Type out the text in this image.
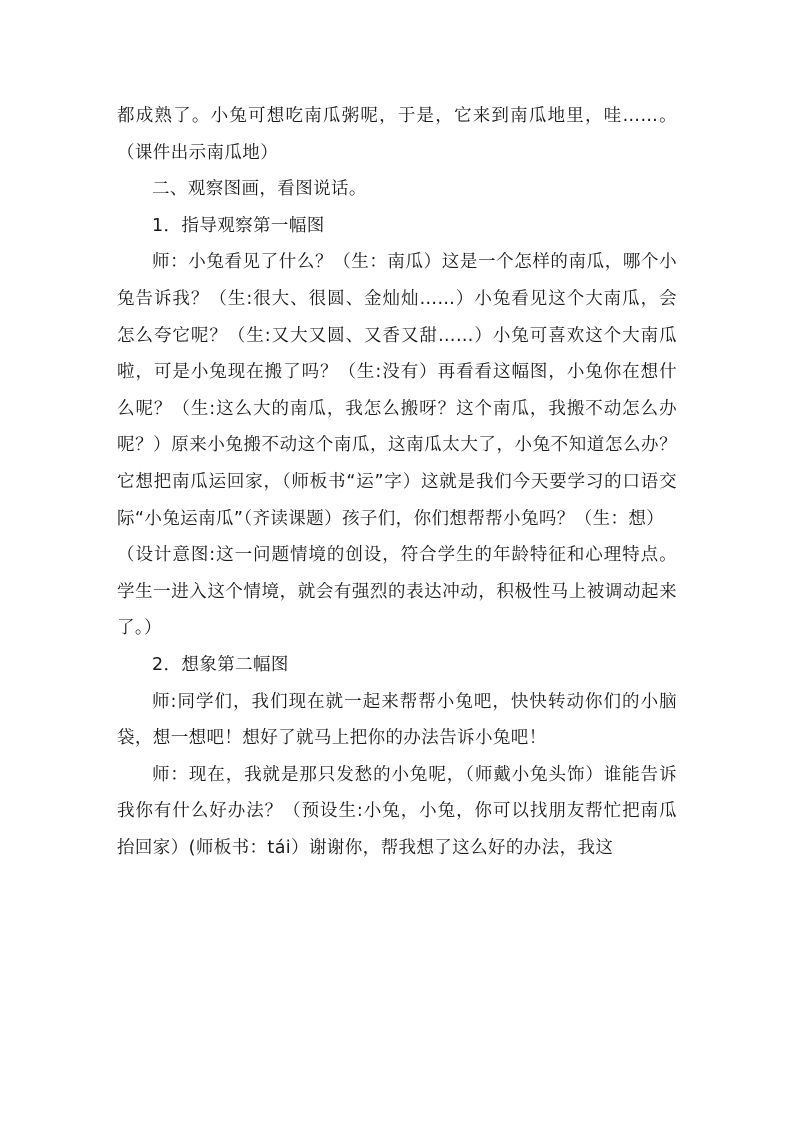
都成熟了。小兔可想吃南瓜粥呢，于是，它来到南瓜地里，哇……。（课件出示南瓜地）

二、观察图画，看图说话。

1．指导观察第一幅图

师：小兔看见了什么？（生：南瓜）这是一个怎样的南瓜，哪个小兔告诉我？（生:很大、很圆、金灿灿……）小兔看见这个大南瓜，会怎么夸它呢？（生:又大又圆、又香又甜……）小兔可喜欢这个大南瓜啦，可是小兔现在搬了吗？（生:没有）再看看这幅图，小兔你在想什么呢？（生:这么大的南瓜，我怎么搬呀？这个南瓜，我搬不动怎么办呢？）原来小兔搬不动这个南瓜，这南瓜太大了，小兔不知道怎么办？它想把南瓜运回家，（师板书“运”字）这就是我们今天要学习的口语交际“小兔运南瓜”（齐读课题）孩子们，你们想帮帮小兔吗？（生：想）

（设计意图:这一问题情境的创设，符合学生的年龄特征和心理特点。学生一进入这个情境，就会有强烈的表达冲动，积极性马上被调动起来了。）

2．想象第二幅图

师:同学们，我们现在就一起来帮帮小兔吧，快快转动你们的小脑袋，想一想吧！想好了就马上把你的办法告诉小兔吧！

师：现在，我就是那只发愁的小兔呢，（师戴小兔头饰）谁能告诉我你有什么好办法？（预设生:小兔，小兔，你可以找朋友帮忙把南瓜抬回家）(师板书：tái）谢谢你，帮我想了这么好的办法，我这
